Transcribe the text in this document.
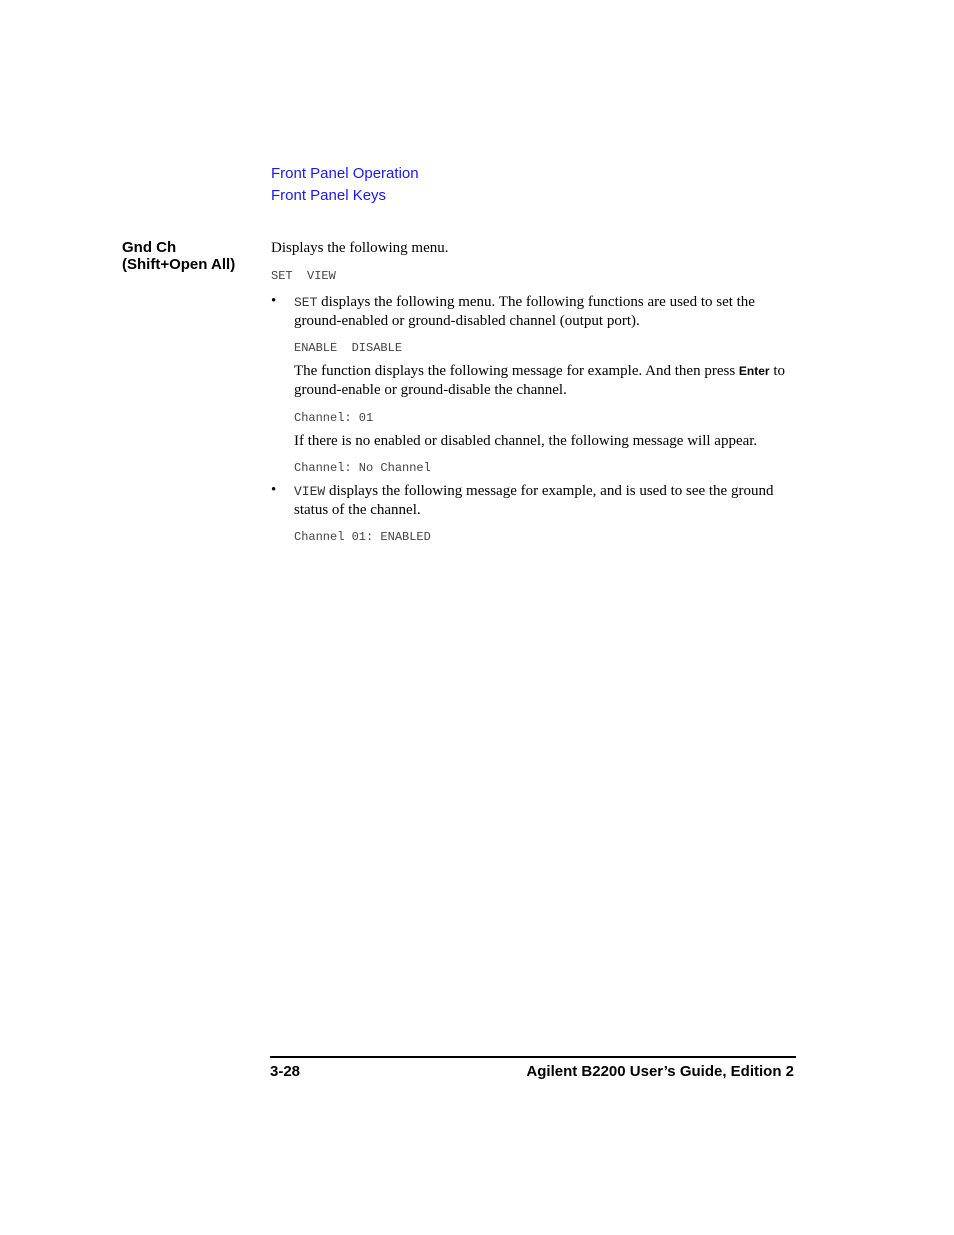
Front Panel Operation
Front Panel Keys
Gnd Ch
(Shift+Open All)
Displays the following menu.
SET  VIEW
• SET displays the following menu. The following functions are used to set the ground-enabled or ground-disabled channel (output port).
ENABLE  DISABLE
The function displays the following message for example. And then press Enter to ground-enable or ground-disable the channel.
Channel: 01
If there is no enabled or disabled channel, the following message will appear.
Channel: No Channel
• VIEW displays the following message for example, and is used to see the ground status of the channel.
Channel 01: ENABLED
3-28	Agilent B2200 User’s Guide, Edition 2
